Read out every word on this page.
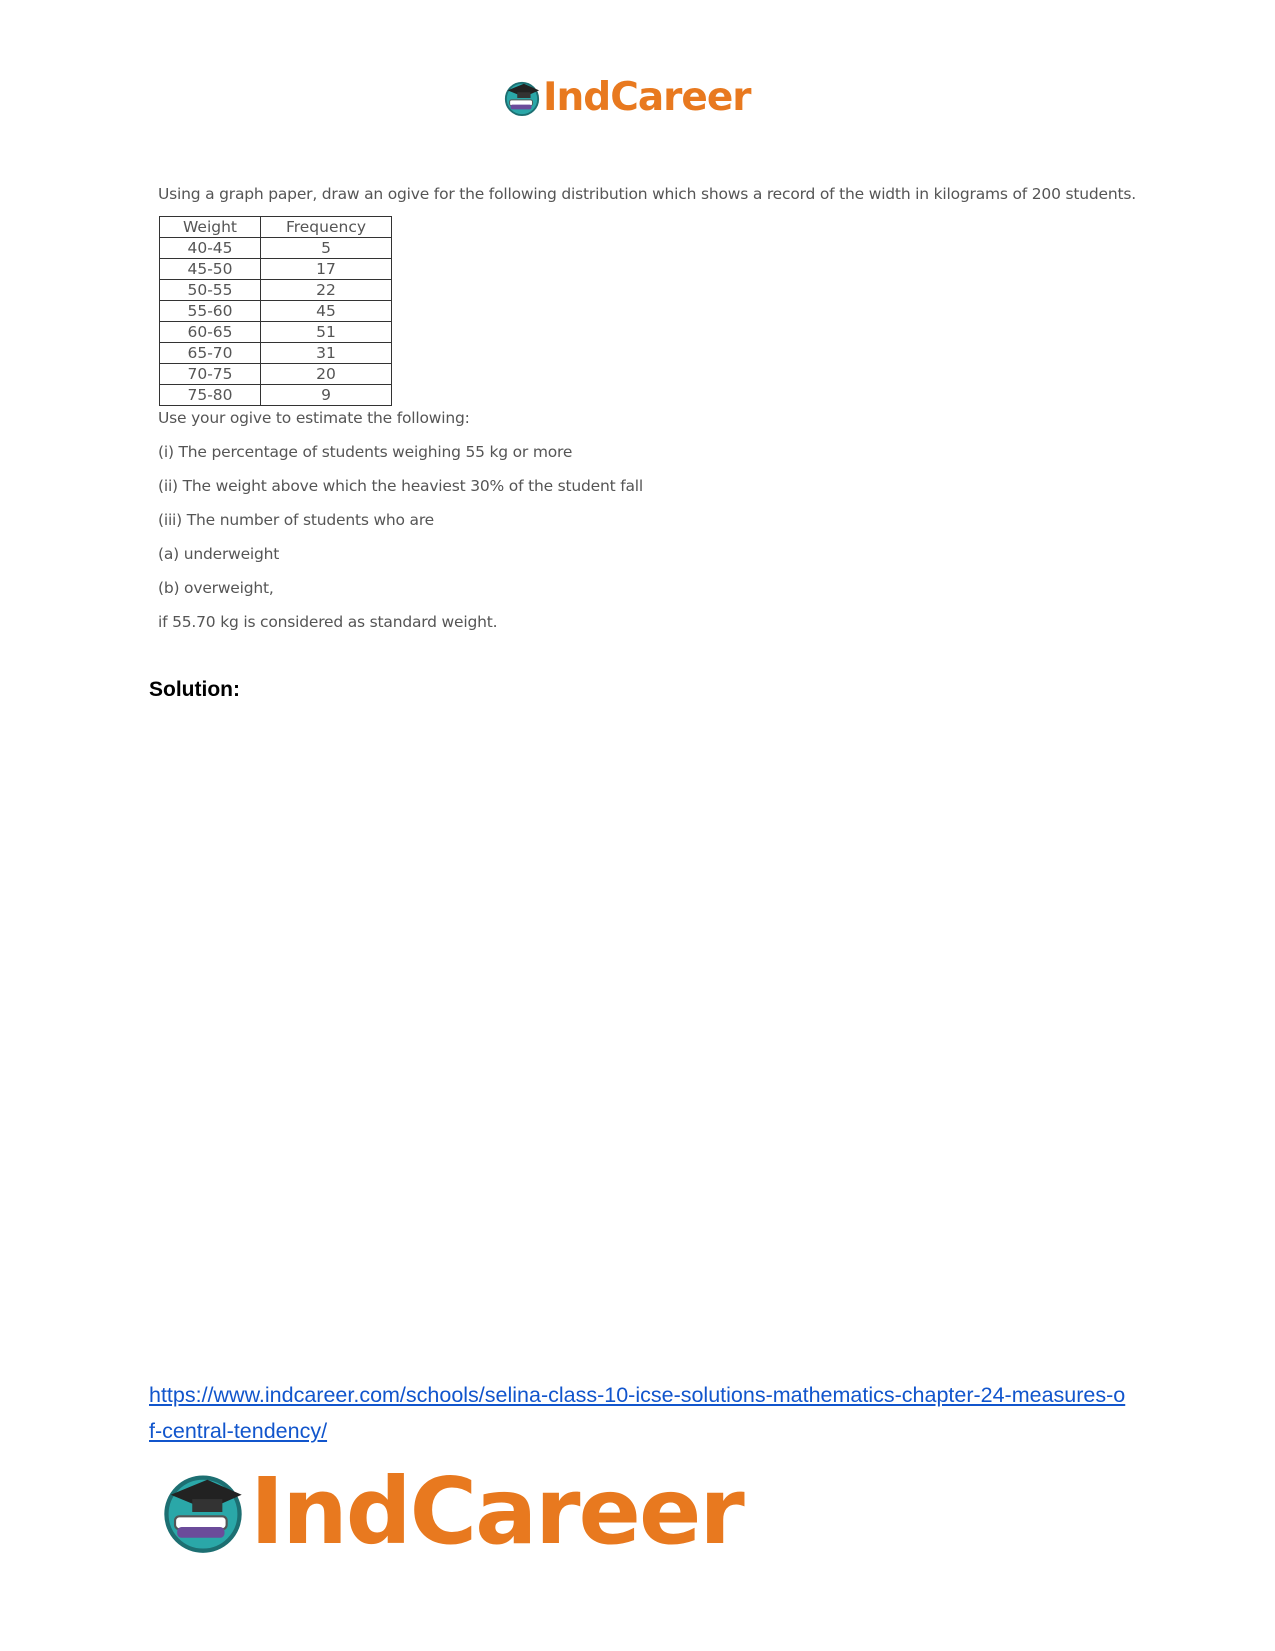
IndCareer

Using a graph paper, draw an ogive for the following distribution which shows a record of the width in kilograms of 200 students.

Weight	Frequency
40-45	5
45-50	17
50-55	22
55-60	45
60-65	51
65-70	31
70-75	20
75-80	9

Use your ogive to estimate the following:

(i) The percentage of students weighing 55 kg or more

(ii) The weight above which the heaviest 30% of the student fall

(iii) The number of students who are

(a) underweight

(b) overweight,

if 55.70 kg is considered as standard weight.

Solution:
https://www.indcareer.com/schools/selina-class-10-icse-solutions-mathematics-chapter-24-measures-of-central-tendency/
IndCareer
